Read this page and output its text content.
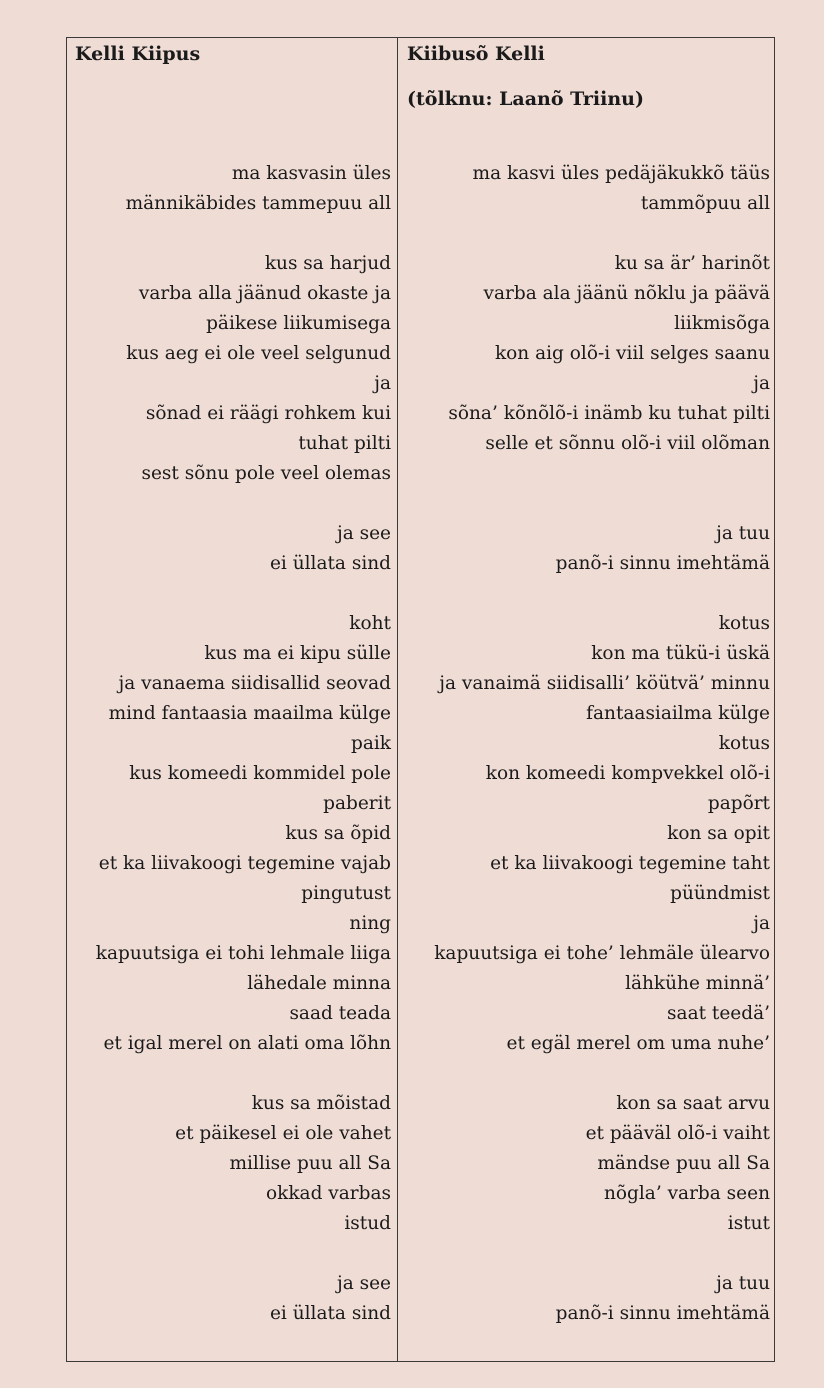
Kelli Kiipus
ma kasvasin üles
männikäbides tammepuu all
kus sa harjud
varba alla jäänud okaste ja
päikese liikumisega
kus aeg ei ole veel selgunud
ja
sõnad ei räägi rohkem kui
tuhat pilti
sest sõnu pole veel olemas
ja see
ei üllata sind
koht
kus ma ei kipu sülle
ja vanaema siidisallid seovad
mind fantaasia maailma külge
paik
kus komeedi kommidel pole
paberit
kus sa õpid
et ka liivakoogi tegemine vajab
pingutust
ning
kapuutsiga ei tohi lehmale liiga
lähedale minna
saad teada
et igal merel on alati oma lõhn
kus sa mõistad
et päikesel ei ole vahet
millise puu all Sa
okkad varbas
istud
ja see
ei üllata sind
Kiibusõ Kelli
(tõlknu: Laanõ Triinu)
ma kasvi üles pedäjäkukkõ täüs
tammõpuu all
ku sa är’ harinõt
varba ala jäänü nõklu ja päävä
liikmisõga
kon aig olõ-i viil selges saanu
ja
sõna’ kõnõlõ-i inämb ku tuhat pilti
selle et sõnnu olõ-i viil olõman
ja tuu
panõ-i sinnu imehtämä
kotus
kon ma tükü-i üskä
ja vanaimä siidisalli’ köütvä’ minnu
fantaasiailma külge
kotus
kon komeedi kompvekkel olõ-i
papõrt
kon sa opit
et ka liivakoogi tegemine taht
püündmist
ja
kapuutsiga ei tohe’ lehmäle ülearvo
lähkühe minnä’
saat teedä’
et egäl merel om uma nuhe’
kon sa saat arvu
et pääväl olõ-i vaiht
mändse puu all Sa
nõgla’ varba seen
istut
ja tuu
panõ-i sinnu imehtämä
